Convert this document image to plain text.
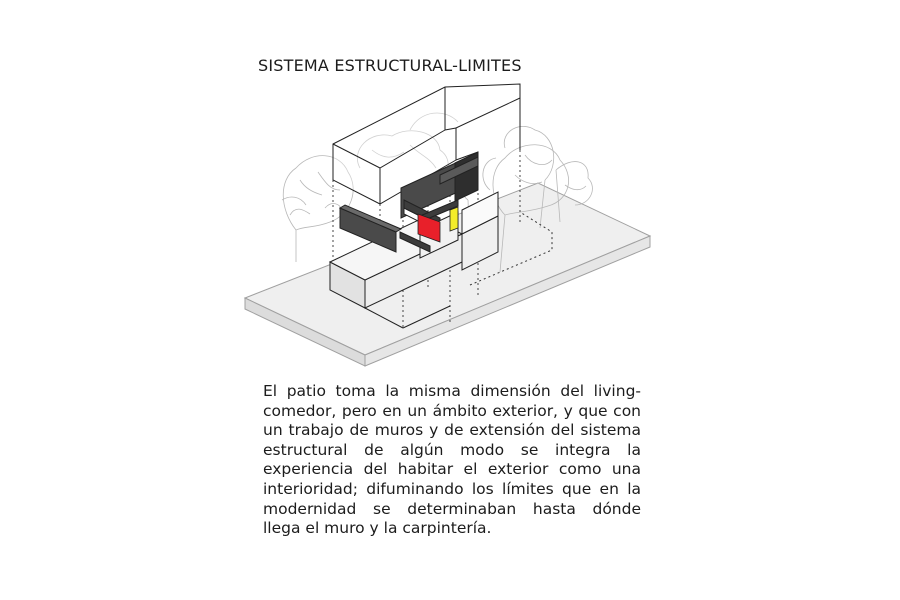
SISTEMA ESTRUCTURAL-LIMITES
El patio toma la misma dimensión del living-
comedor, pero en un ámbito exterior, y que con
un trabajo de muros y de extensión del sistema
estructural de algún modo se integra la
experiencia del habitar el exterior como una
interioridad; difuminando los límites que en la
modernidad se determinaban hasta dónde
llega el muro y la carpintería.
